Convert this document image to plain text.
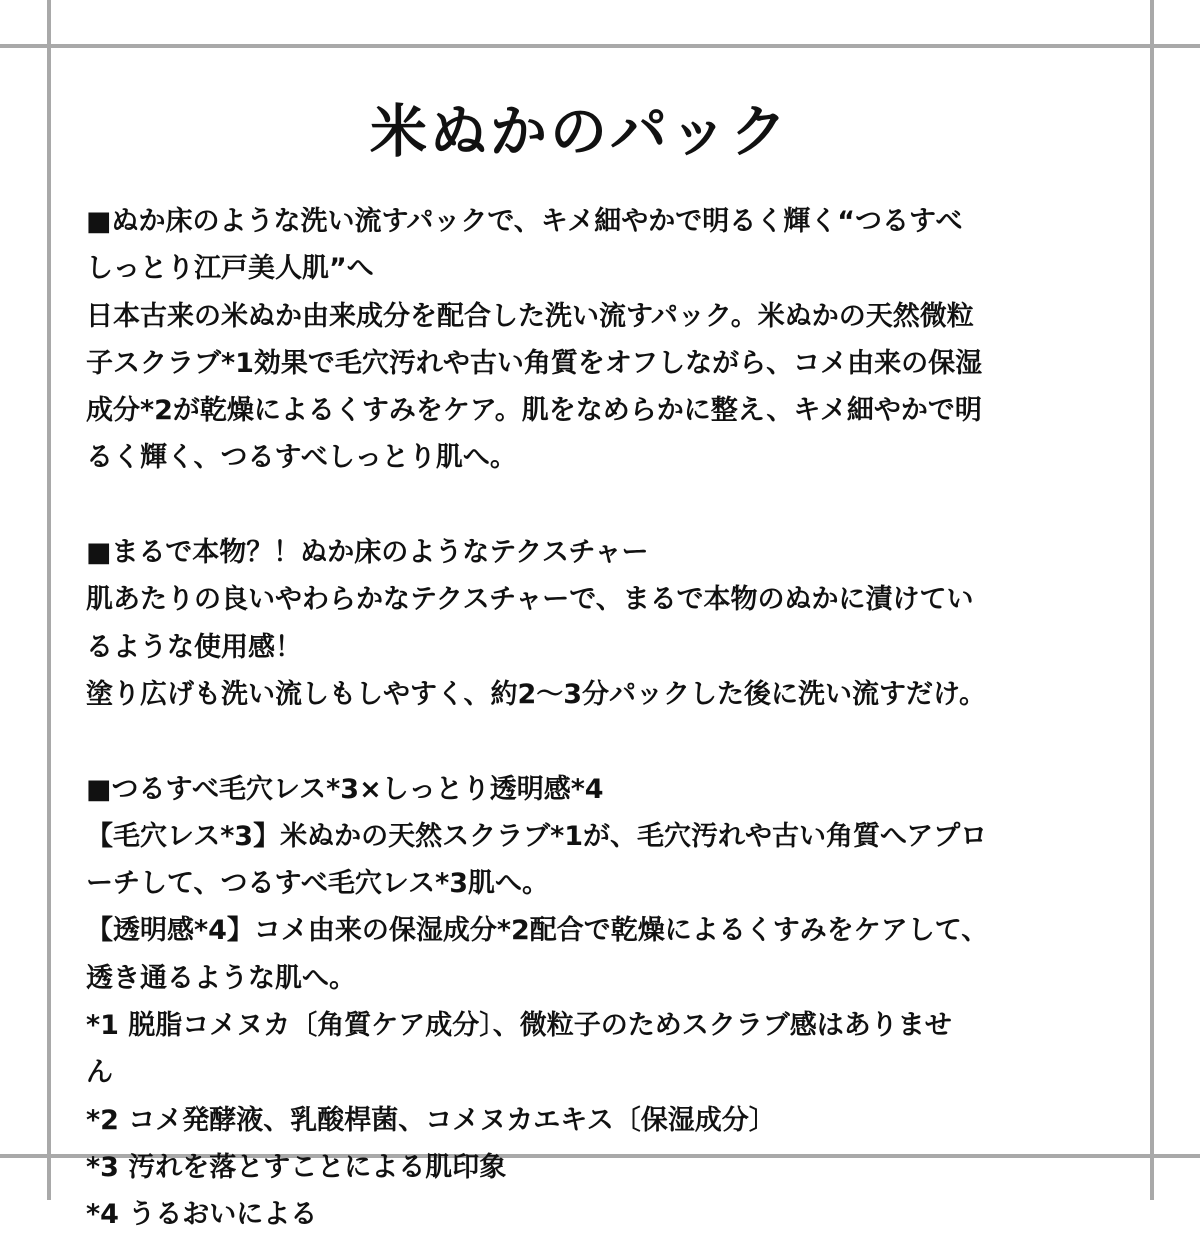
米ぬかのパック
■ぬか床のような洗い流すパックで、キメ細やかで明るく輝く“つるすべ
しっとり江戸美人肌”へ
日本古来の米ぬか由来成分を配合した洗い流すパック。米ぬかの天然微粒
子スクラブ*1効果で毛穴汚れや古い角質をオフしながら、コメ由来の保湿
成分*2が乾燥によるくすみをケア。肌をなめらかに整え、キメ細やかで明
るく輝く、つるすべしっとり肌へ。
■まるで本物？！ぬか床のようなテクスチャー
肌あたりの良いやわらかなテクスチャーで、まるで本物のぬかに漬けてい
るような使用感！
塗り広げも洗い流しもしやすく、約2〜3分パックした後に洗い流すだけ。
■つるすべ毛穴レス*3×しっとり透明感*4
【毛穴レス*3】米ぬかの天然スクラブ*1が、毛穴汚れや古い角質へアプロ
ーチして、つるすべ毛穴レス*3肌へ。
【透明感*4】コメ由来の保湿成分*2配合で乾燥によるくすみをケアして、
透き通るような肌へ。
*1 脱脂コメヌカ〔角質ケア成分〕、微粒子のためスクラブ感はありませ
ん
*2 コメ発酵液、乳酸桿菌、コメヌカエキス〔保湿成分〕
*3 汚れを落とすことによる肌印象
*4 うるおいによる
